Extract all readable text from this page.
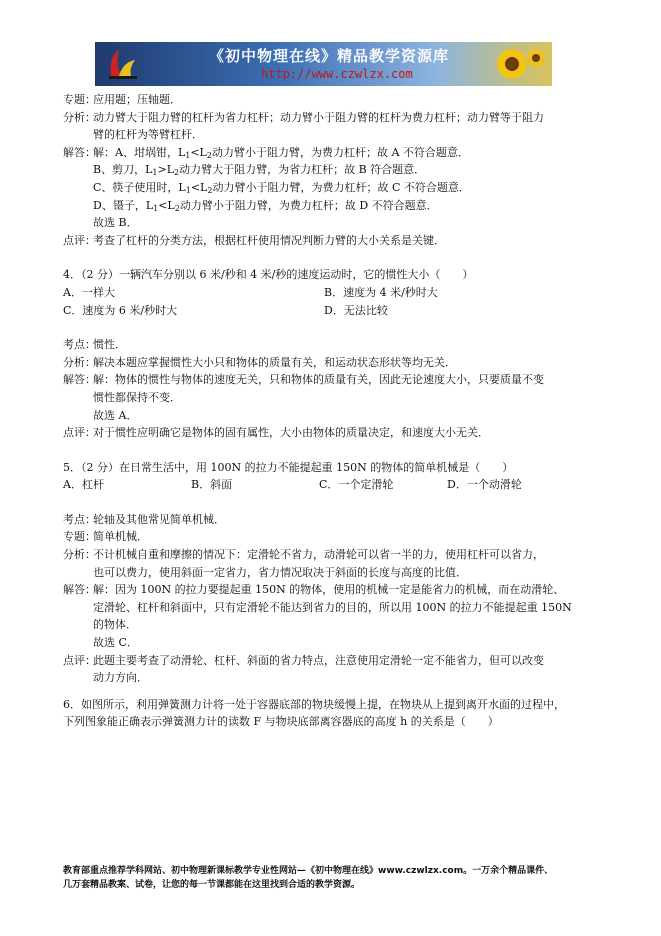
《初中物理在线》精品教学资源库
http://www.czwlzx.com
专题：
应用题；压轴题．
分析：
动力臂大于阻力臂的杠杆为省力杠杆；动力臂小于阻力臂的杠杆为费力杠杆；动力臂等于阻力
臂的杠杆为等臂杠杆．
解答：
解：A、坩埚钳，$L_1<L_2$动力臂小于阻力臂，为费力杠杆；故 A 不符合题意．
B、剪刀，$L_1>L_2$动力臂大于阻力臂，为省力杠杆；故 B 符合题意．
C、筷子使用时，$L_1<L_2$动力臂小于阻力臂，为费力杠杆；故 C 不符合题意．
D、镊子，$L_1<L_2$动力臂小于阻力臂，为费力杠杆；故 D 不符合题意．
故选 B．
点评：
考查了杠杆的分类方法，根据杠杆使用情况判断力臂的大小关系是关键．
4．（2 分）一辆汽车分别以 6 米/秒和 4 米/秒的速度运动时，它的惯性大小（　　）
A．一样大	B．速度为 4 米/秒时大
C．速度为 6 米/秒时大	D．无法比较
考点：
惯性．
分析：
解决本题应掌握惯性大小只和物体的质量有关，和运动状态形状等均无关．
解答：
解：物体的惯性与物体的速度无关，只和物体的质量有关，因此无论速度大小，只要质量不变
惯性都保持不变．
故选 A．
点评：
对于惯性应明确它是物体的固有属性，大小由物体的质量决定，和速度大小无关．
5．（2 分）在日常生活中，用 100N 的拉力不能提起重 150N 的物体的简单机械是（　　）
A．杠杆	B．斜面	C．一个定滑轮	D．一个动滑轮
考点：
轮轴及其他常见简单机械．
专题：
简单机械．
分析：
不计机械自重和摩擦的情况下：定滑轮不省力，动滑轮可以省一半的力，使用杠杆可以省力，
也可以费力，使用斜面一定省力，省力情况取决于斜面的长度与高度的比值．
解答：
解：因为 100N 的拉力要提起重 150N 的物体，使用的机械一定是能省力的机械，而在动滑轮、
定滑轮、杠杆和斜面中，只有定滑轮不能达到省力的目的，所以用 100N 的拉力不能提起重 150N
的物体．
故选 C．
点评：
此题主要考查了动滑轮、杠杆、斜面的省力特点，注意使用定滑轮一定不能省力，但可以改变
动力方向．
6．如图所示，利用弹簧测力计将一处于容器底部的物块缓慢上提，在物块从上提到离开水面的过程中，
下列图象能正确表示弹簧测力计的读数 F 与物块底部离容器底的高度 h 的关系是（　　）
教育部重点推荐学科网站、初中物理新课标教学专业性网站—《初中物理在线》www.czwlzx.com。一万余个精品课件、
几万套精品教案、试卷，让您的每一节课都能在这里找到合适的教学资源。
